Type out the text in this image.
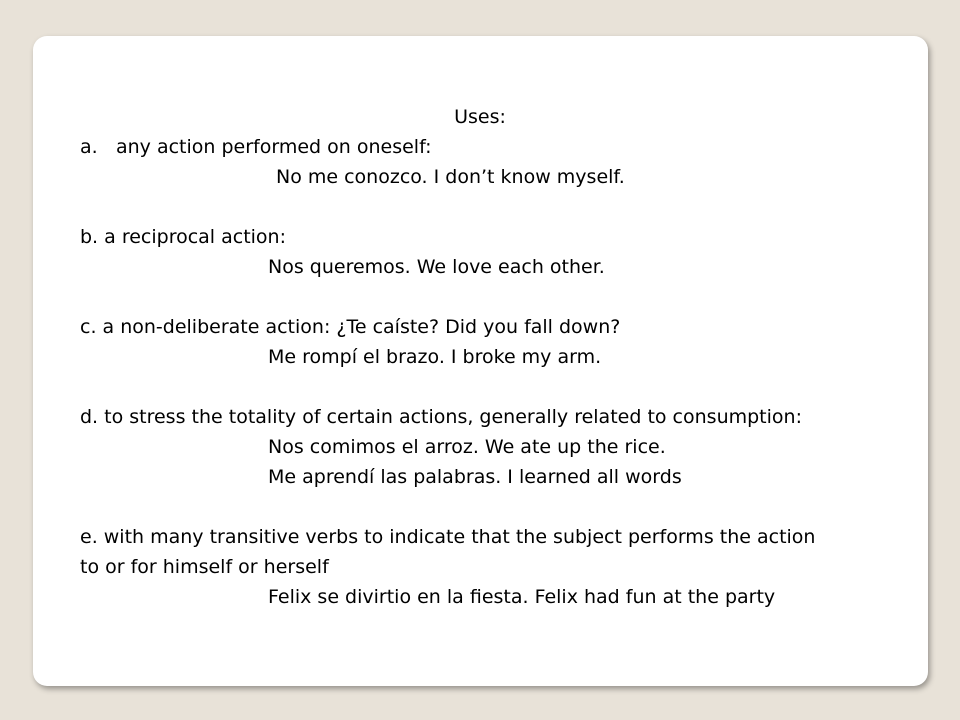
Uses:
a. any action performed on oneself:
No me conozco. I don’t know myself.
b. a reciprocal action:
Nos queremos. We love each other.
c. a non-deliberate action: ¿Te caíste? Did you fall down?
Me rompí el brazo. I broke my arm.
d. to stress the totality of certain actions, generally related to consumption:
Nos comimos el arroz. We ate up the rice.
Me aprendí las palabras. I learned all words
e. with many transitive verbs to indicate that the subject performs the action
to or for himself or herself
Felix se divirtio en la fiesta. Felix had fun at the party
